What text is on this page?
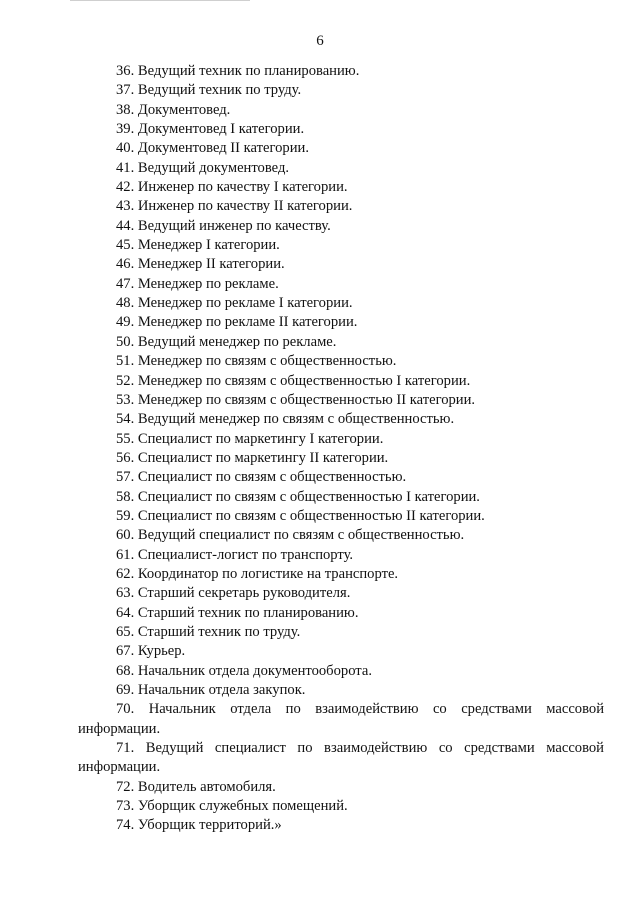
6
36. Ведущий техник по планированию.
37. Ведущий техник по труду.
38. Документовед.
39. Документовед I категории.
40. Документовед II категории.
41. Ведущий документовед.
42. Инженер по качеству I категории.
43. Инженер по качеству II категории.
44. Ведущий инженер по качеству.
45. Менеджер I категории.
46. Менеджер II категории.
47. Менеджер по рекламе.
48. Менеджер по рекламе I категории.
49. Менеджер по рекламе II категории.
50. Ведущий менеджер по рекламе.
51. Менеджер по связям с общественностью.
52. Менеджер по связям с общественностью I категории.
53. Менеджер по связям с общественностью II категории.
54. Ведущий менеджер по связям с общественностью.
55. Специалист по маркетингу I категории.
56. Специалист по маркетингу II категории.
57. Специалист по связям с общественностью.
58. Специалист по связям с общественностью I категории.
59. Специалист по связям с общественностью II категории.
60. Ведущий специалист по связям с общественностью.
61. Специалист-логист по транспорту.
62. Координатор по логистике на транспорте.
63. Старший секретарь руководителя.
64. Старший техник по планированию.
65. Старший техник по труду.
67. Курьер.
68. Начальник отдела документооборота.
69. Начальник отдела закупок.
70. Начальник отдела по взаимодействию со средствами массовой информации.
71. Ведущий специалист по взаимодействию со средствами массовой информации.
72. Водитель автомобиля.
73. Уборщик служебных помещений.
74. Уборщик территорий.»
